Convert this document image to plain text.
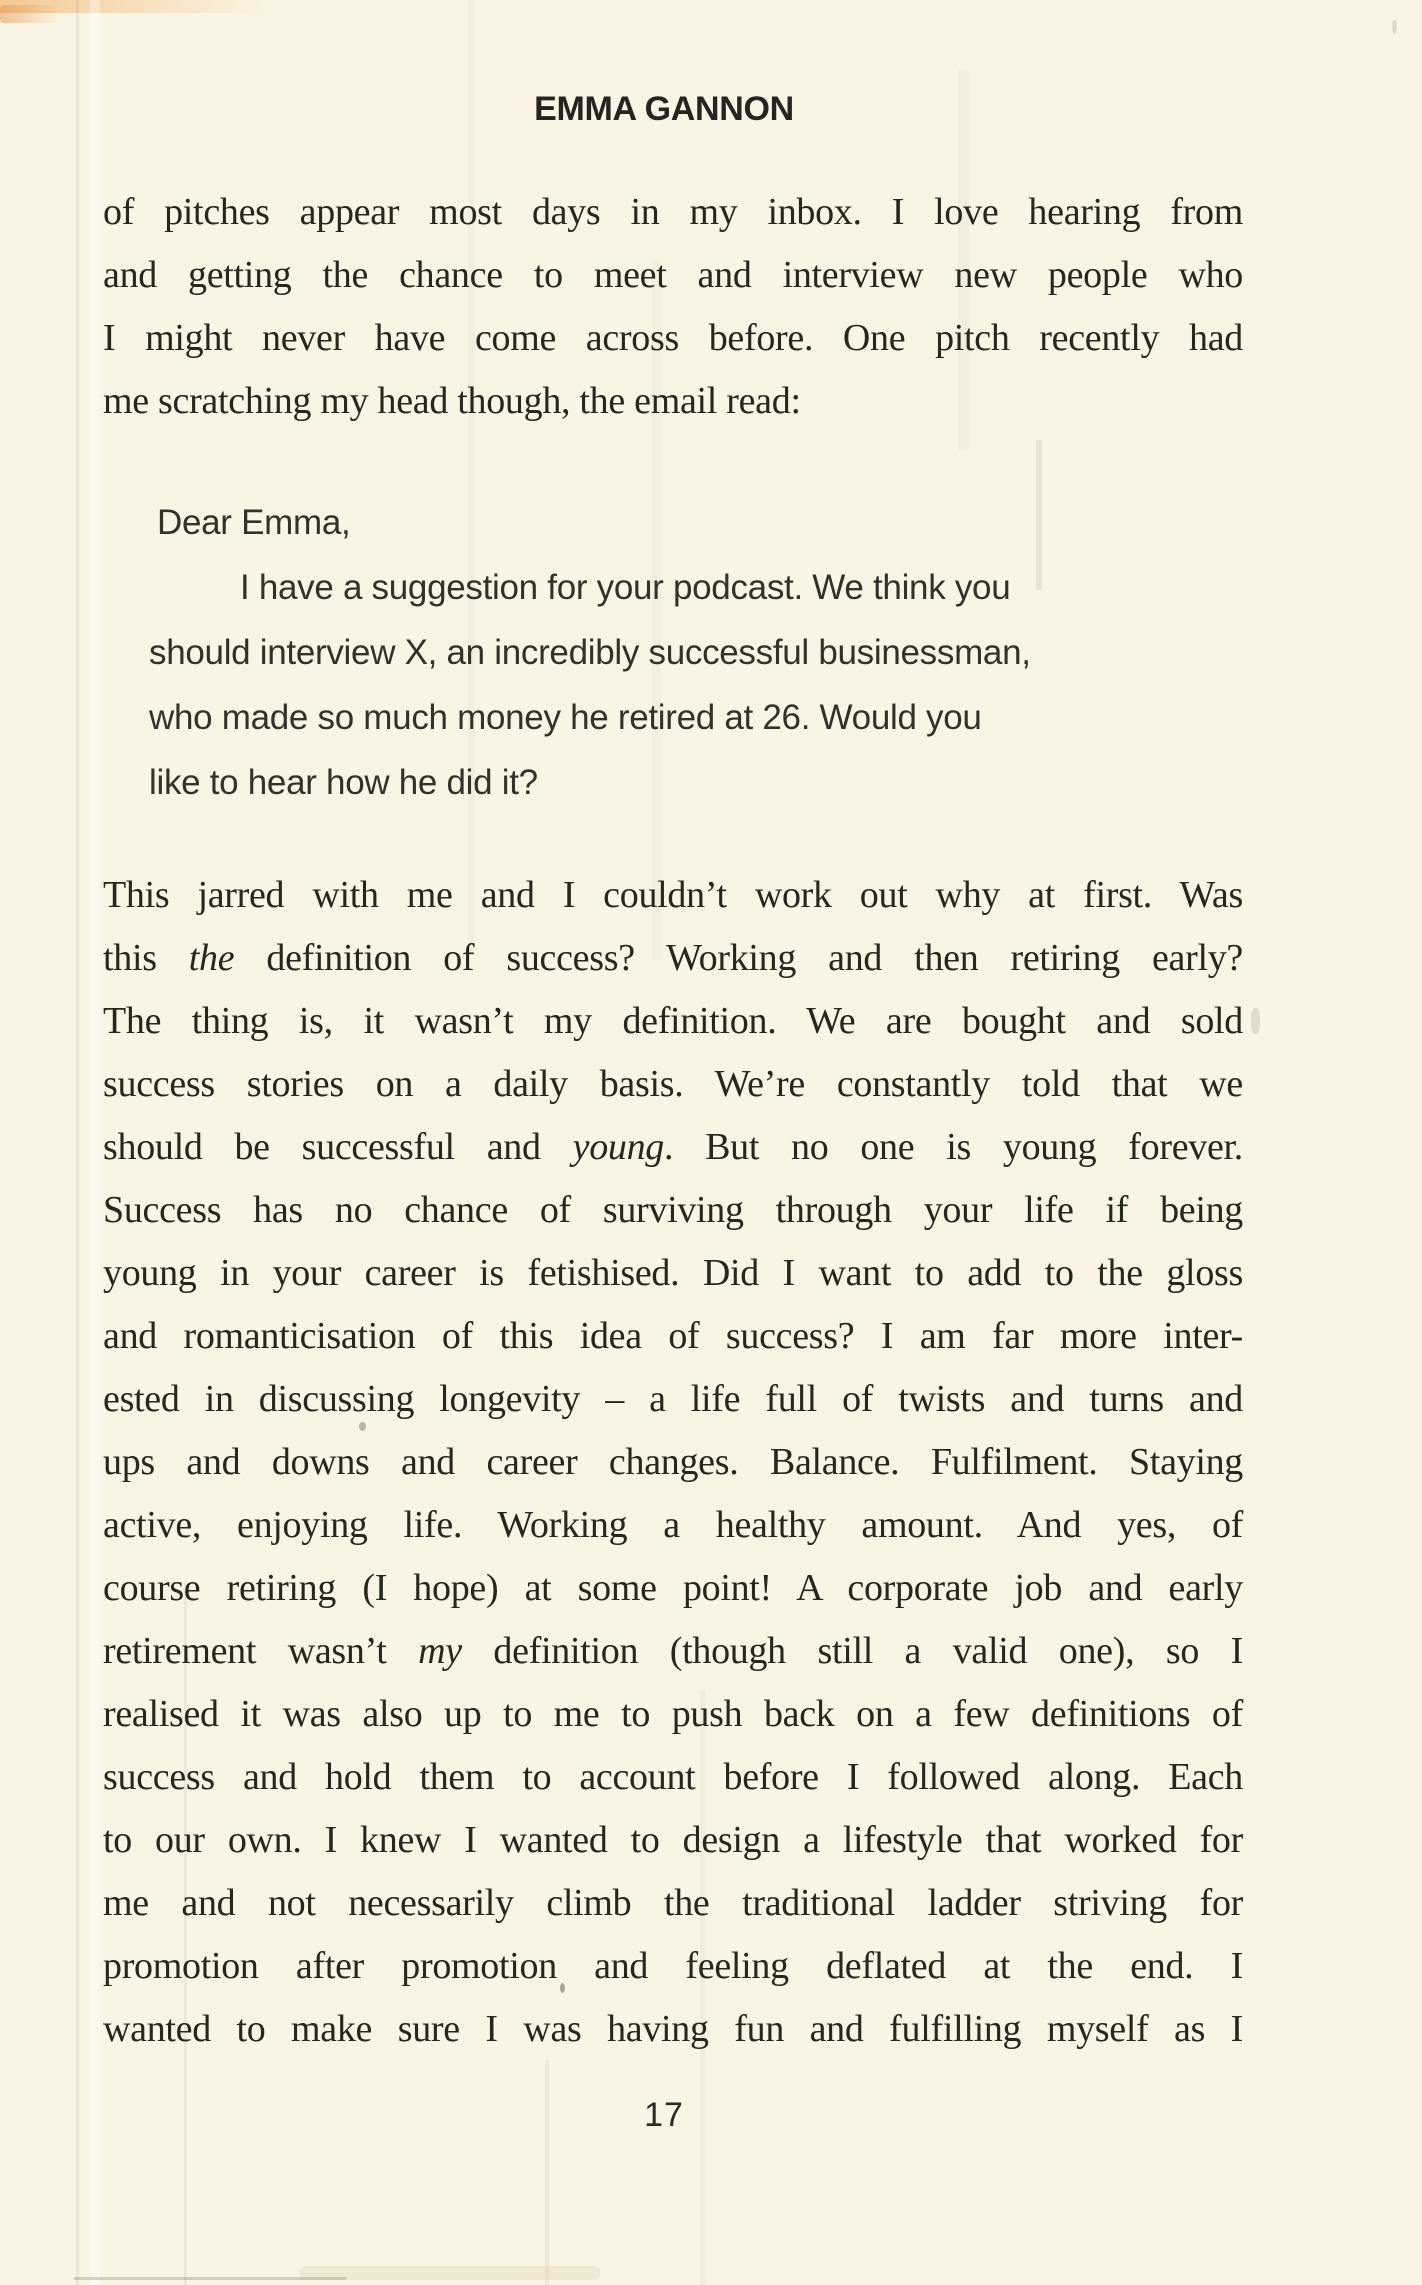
EMMA GANNON
of pitches appear most days in my inbox. I love hearing from
and getting the chance to meet and interview new people who
I might never have come across before. One pitch recently had
me scratching my head though, the email read:
Dear Emma,
I have a suggestion for your podcast. We think you
should interview X, an incredibly successful businessman,
who made so much money he retired at 26. Would you
like to hear how he did it?
This jarred with me and I couldn’t work out why at first. Was
this the definition of success? Working and then retiring early?
The thing is, it wasn’t my definition. We are bought and sold
success stories on a daily basis. We’re constantly told that we
should be successful and young. But no one is young forever.
Success has no chance of surviving through your life if being
young in your career is fetishised. Did I want to add to the gloss
and romanticisation of this idea of success? I am far more inter-
ested in discussing longevity – a life full of twists and turns and
ups and downs and career changes. Balance. Fulfilment. Staying
active, enjoying life. Working a healthy amount. And yes, of
course retiring (I hope) at some point! A corporate job and early
retirement wasn’t my definition (though still a valid one), so I
realised it was also up to me to push back on a few definitions of
success and hold them to account before I followed along. Each
to our own. I knew I wanted to design a lifestyle that worked for
me and not necessarily climb the traditional ladder striving for
promotion after promotion and feeling deflated at the end. I
wanted to make sure I was having fun and fulfilling myself as I
17
